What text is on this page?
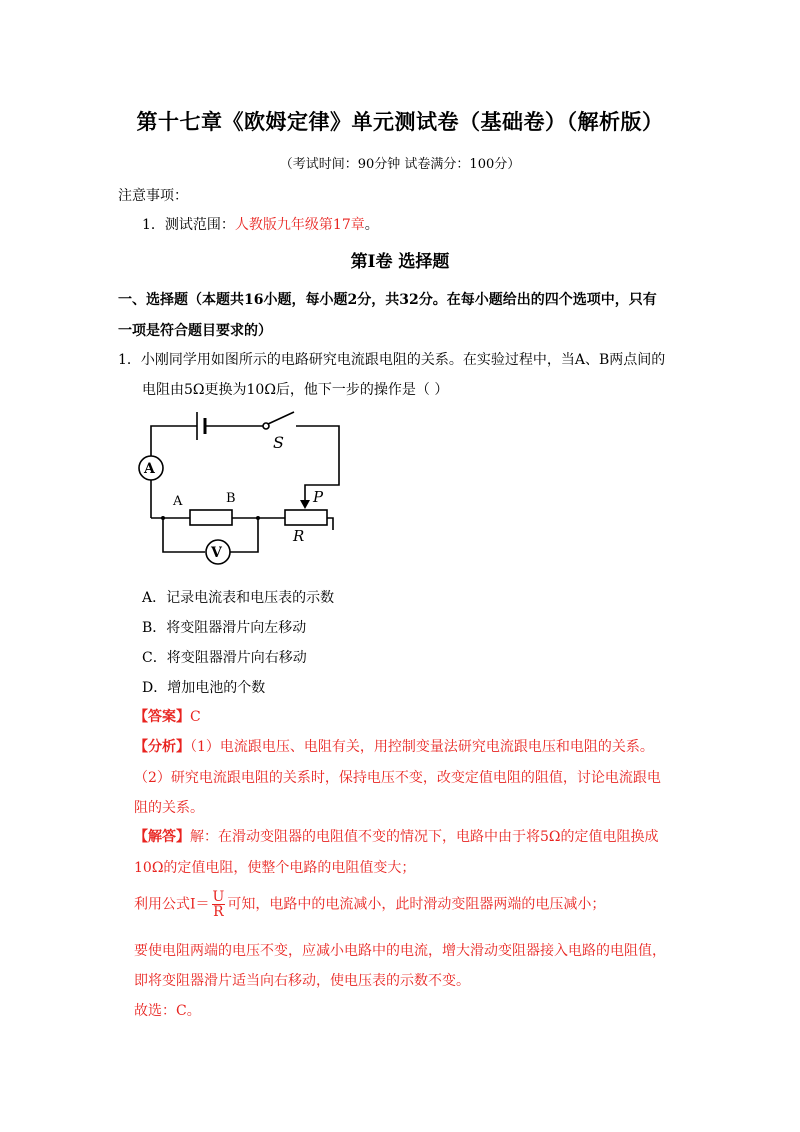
第十七章《欧姆定律》单元测试卷（基础卷）（解析版）
（考试时间：90分钟 试卷满分：100分）
注意事项：
1．测试范围：人教版九年级第17章。
第Ⅰ卷 选择题
一、选择题（本题共16小题，每小题2分，共32分。在每小题给出的四个选项中，只有
一项是符合题目要求的）
1．小刚同学用如图所示的电路研究电流跟电阻的关系。在实验过程中，当A、B两点间的
电阻由5Ω更换为10Ω后，他下一步的操作是（ ）
A
V
S
A	B	P
R
A．记录电流表和电压表的示数
B．将变阻器滑片向左移动
C．将变阻器滑片向右移动
D．增加电池的个数
【答案】C
【分析】（1）电流跟电压、电阻有关，用控制变量法研究电流跟电压和电阻的关系。
（2）研究电流跟电阻的关系时，保持电压不变，改变定值电阻的阻值，讨论电流跟电
阻的关系。
【解答】解：在滑动变阻器的电阻值不变的情况下，电路中由于将5Ω的定值电阻换成
10Ω的定值电阻，使整个电路的电阻值变大；
利用公式$I= \frac{U}{R}$ 可知，电路中的电流减小，此时滑动变阻器两端的电压减小；
要使电阻两端的电压不变，应减小电路中的电流，增大滑动变阻器接入电路的电阻值，
即将变阻器滑片适当向右移动，使电压表的示数不变。
故选：C。
